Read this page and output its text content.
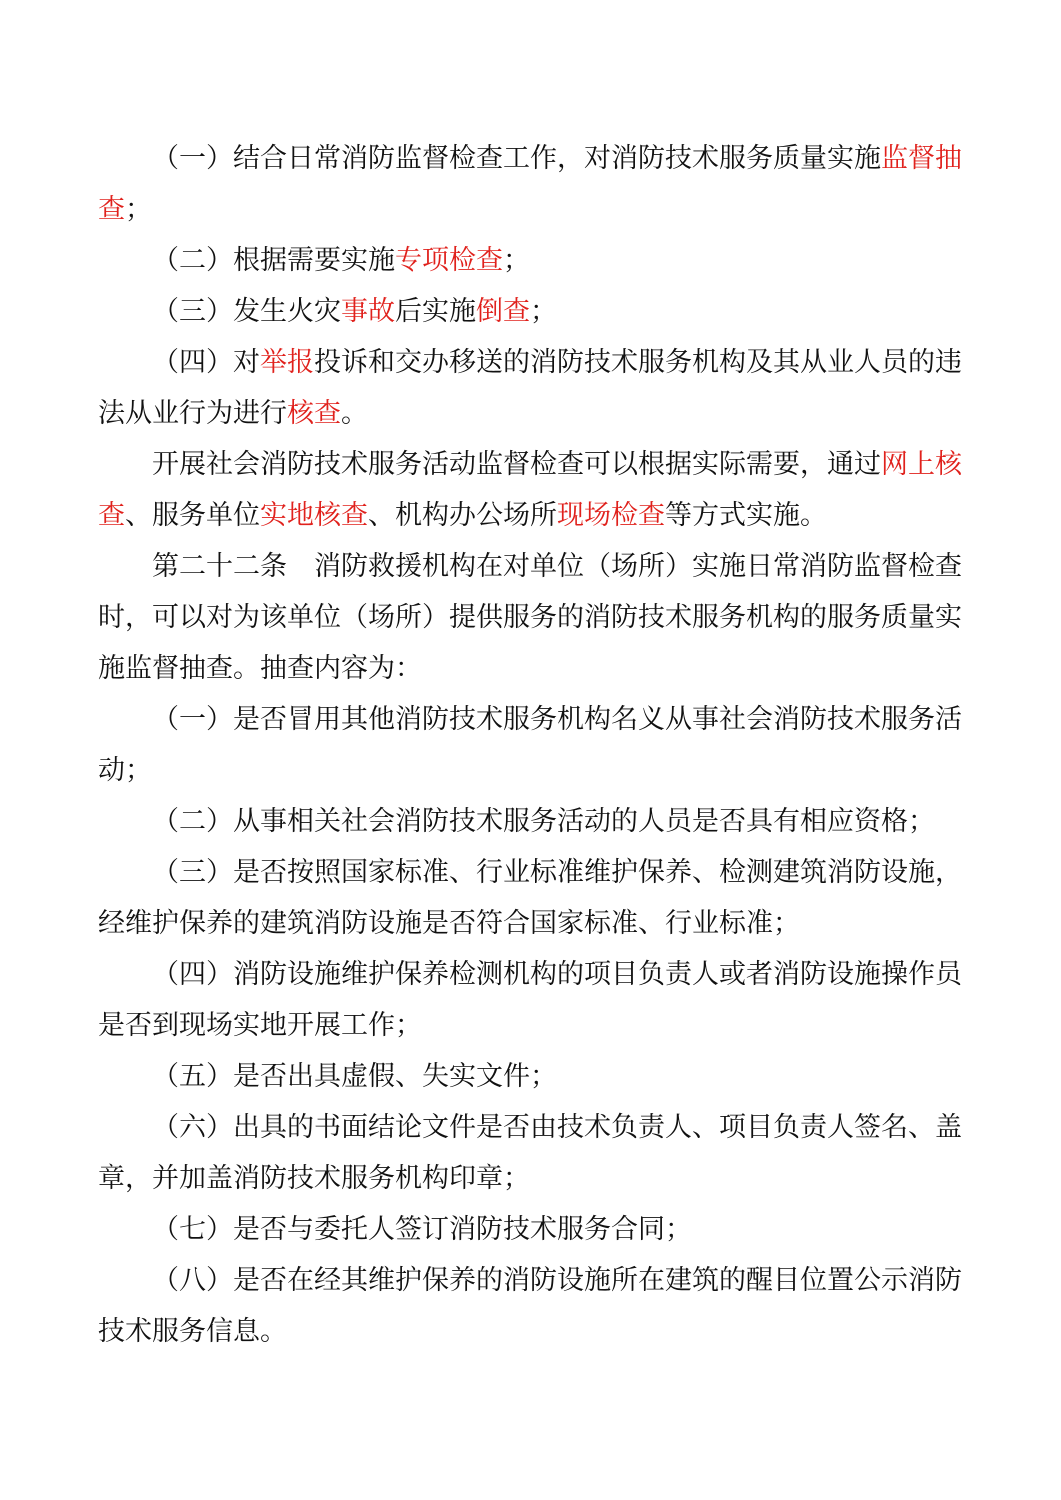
（一）结合日常消防监督检查工作，对消防技术服务质量实施监督抽查；

（二）根据需要实施专项检查；

（三）发生火灾事故后实施倒查；

（四）对举报投诉和交办移送的消防技术服务机构及其从业人员的违法从业行为进行核查。

开展社会消防技术服务活动监督检查可以根据实际需要，通过网上核查、服务单位实地核查、机构办公场所现场检查等方式实施。

第二十二条　消防救援机构在对单位（场所）实施日常消防监督检查时，可以对为该单位（场所）提供服务的消防技术服务机构的服务质量实施监督抽查。抽查内容为：

（一）是否冒用其他消防技术服务机构名义从事社会消防技术服务活动；

（二）从事相关社会消防技术服务活动的人员是否具有相应资格；

（三）是否按照国家标准、行业标准维护保养、检测建筑消防设施，经维护保养的建筑消防设施是否符合国家标准、行业标准；

（四）消防设施维护保养检测机构的项目负责人或者消防设施操作员是否到现场实地开展工作；

（五）是否出具虚假、失实文件；

（六）出具的书面结论文件是否由技术负责人、项目负责人签名、盖章，并加盖消防技术服务机构印章；

（七）是否与委托人签订消防技术服务合同；

（八）是否在经其维护保养的消防设施所在建筑的醒目位置公示消防技术服务信息。
